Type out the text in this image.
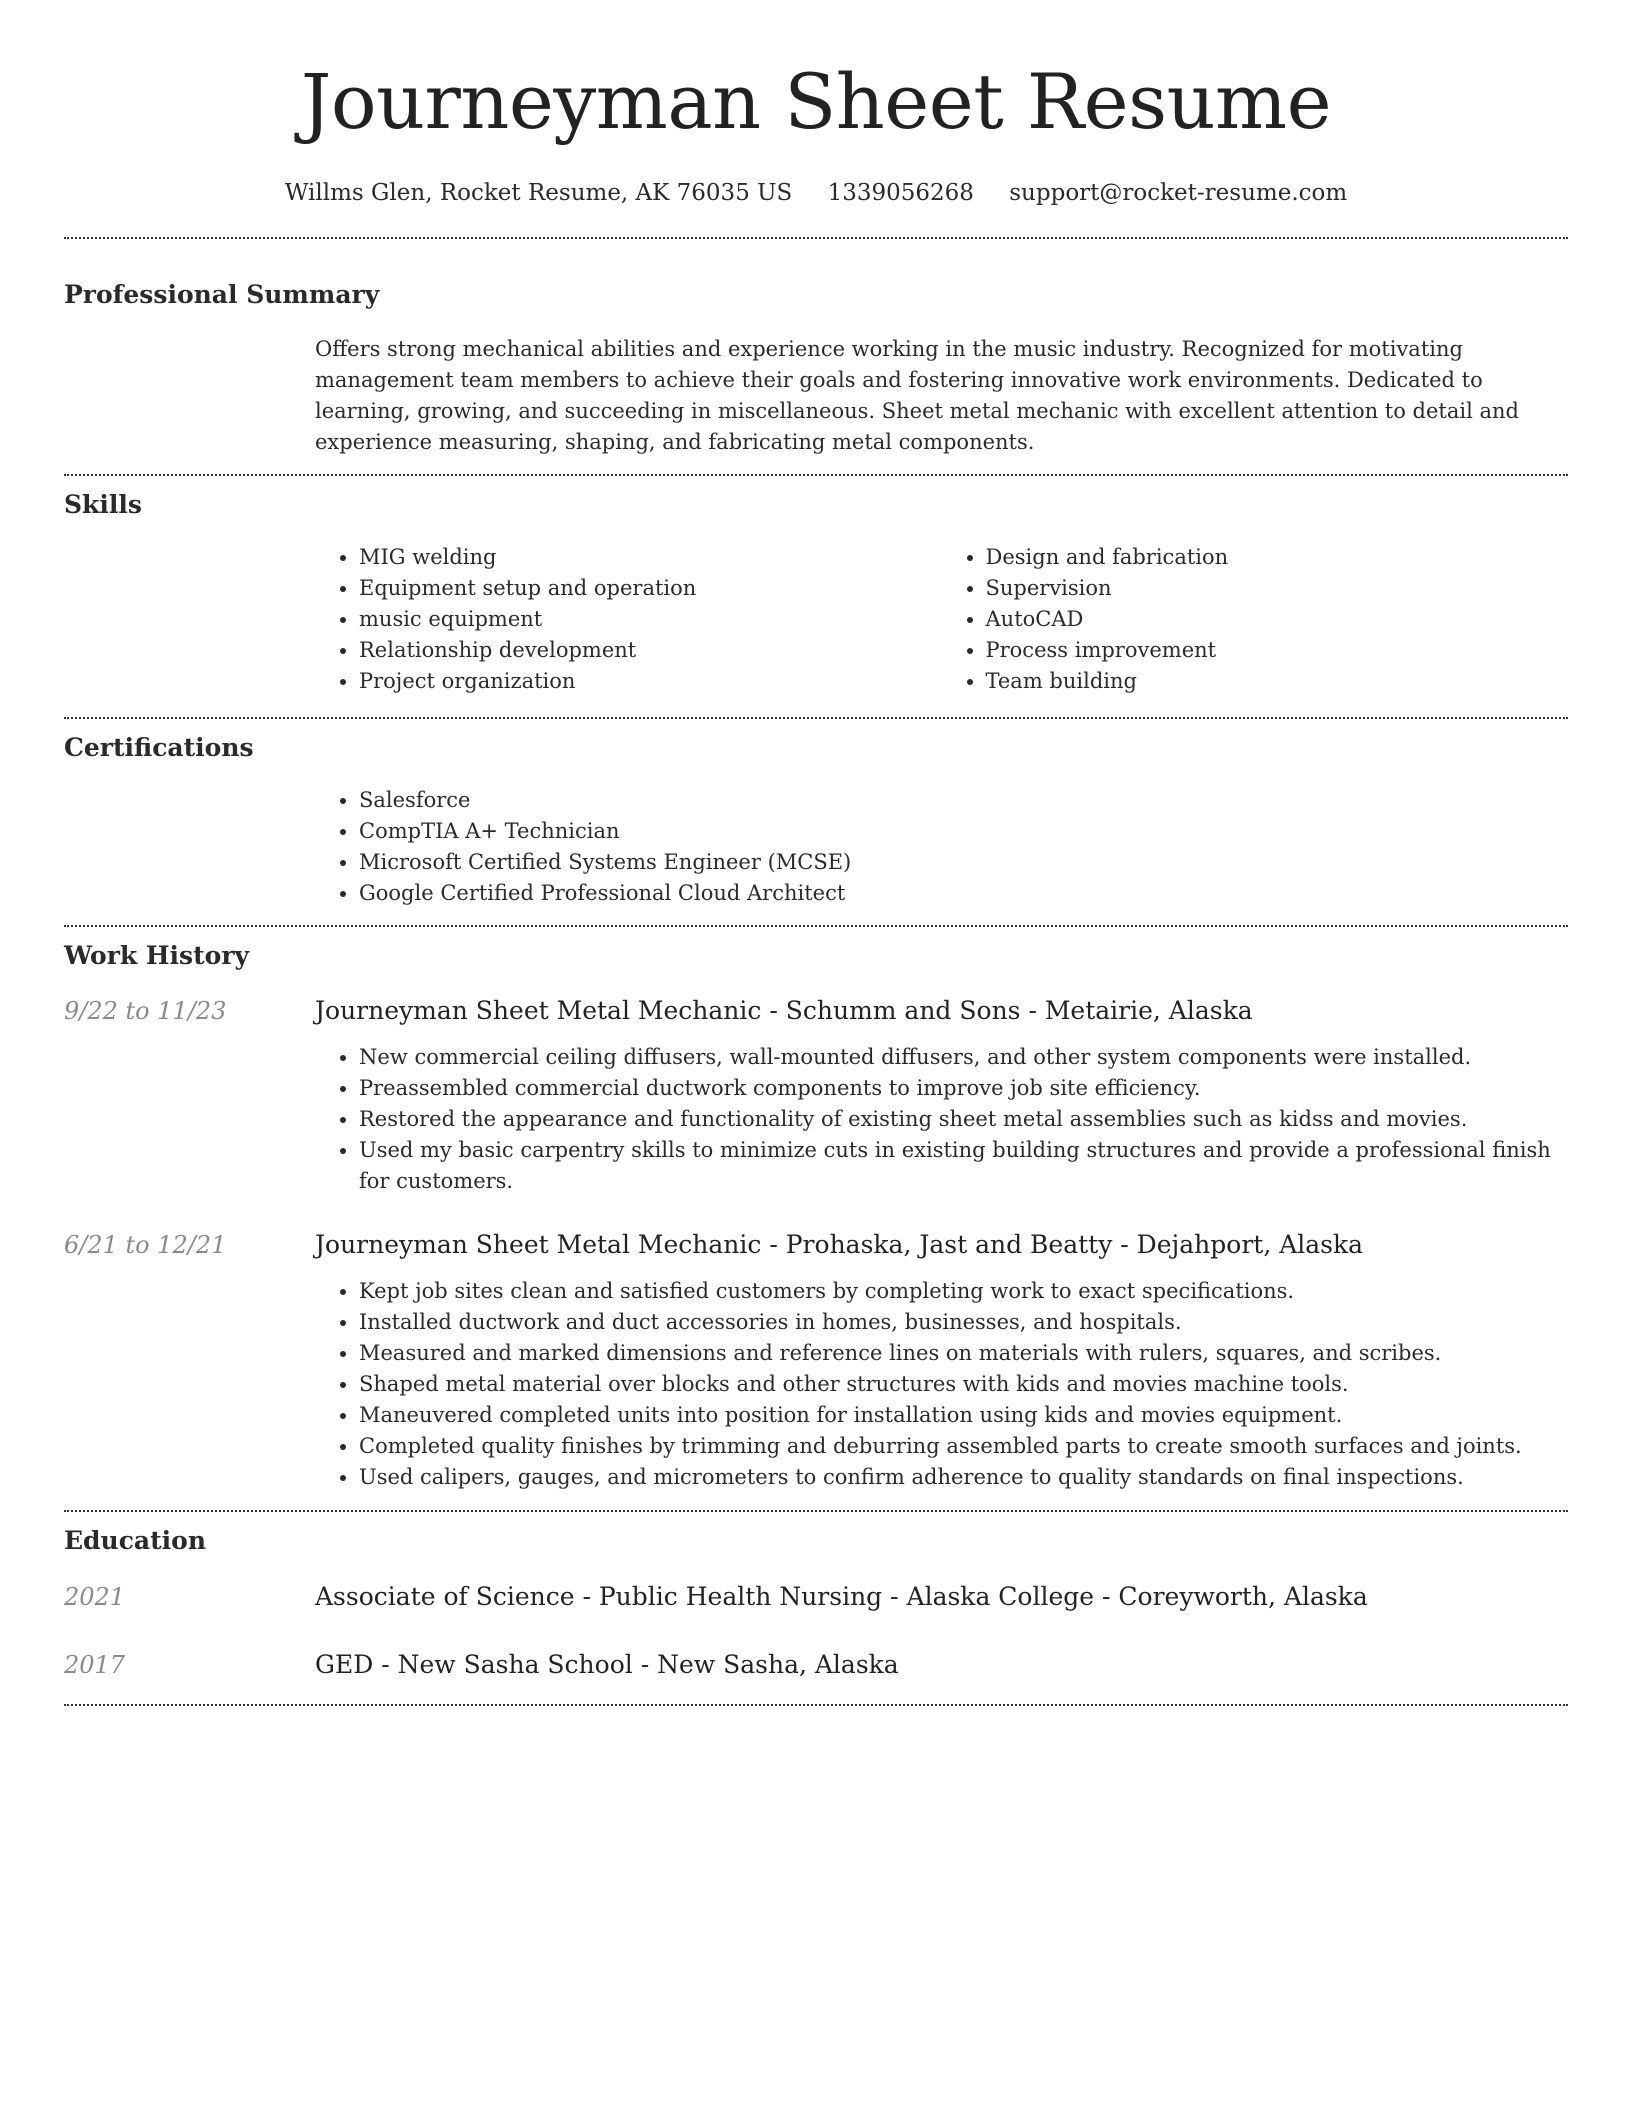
Journeyman Sheet Resume
Willms Glen, Rocket Resume, AK 76035 US 1339056268 support@rocket-resume.com
Professional Summary
Offers strong mechanical abilities and experience working in the music industry. Recognized for motivating management team members to achieve their goals and fostering innovative work environments. Dedicated to learning, growing, and succeeding in miscellaneous. Sheet metal mechanic with excellent attention to detail and experience measuring, shaping, and fabricating metal components.
Skills
• MIG welding
• Equipment setup and operation
• music equipment
• Relationship development
• Project organization
• Design and fabrication
• Supervision
• AutoCAD
• Process improvement
• Team building
Certifications
• Salesforce
• CompTIA A+ Technician
• Microsoft Certified Systems Engineer (MCSE)
• Google Certified Professional Cloud Architect
Work History
9/22 to 11/23	Journeyman Sheet Metal Mechanic - Schumm and Sons - Metairie, Alaska
• New commercial ceiling diffusers, wall-mounted diffusers, and other system components were installed.
• Preassembled commercial ductwork components to improve job site efficiency.
• Restored the appearance and functionality of existing sheet metal assemblies such as kidss and movies.
• Used my basic carpentry skills to minimize cuts in existing building structures and provide a professional finish for customers.
6/21 to 12/21	Journeyman Sheet Metal Mechanic - Prohaska, Jast and Beatty - Dejahport, Alaska
• Kept job sites clean and satisfied customers by completing work to exact specifications.
• Installed ductwork and duct accessories in homes, businesses, and hospitals.
• Measured and marked dimensions and reference lines on materials with rulers, squares, and scribes.
• Shaped metal material over blocks and other structures with kids and movies machine tools.
• Maneuvered completed units into position for installation using kids and movies equipment.
• Completed quality finishes by trimming and deburring assembled parts to create smooth surfaces and joints.
• Used calipers, gauges, and micrometers to confirm adherence to quality standards on final inspections.
Education
2021	Associate of Science - Public Health Nursing - Alaska College - Coreyworth, Alaska
2017	GED - New Sasha School - New Sasha, Alaska
